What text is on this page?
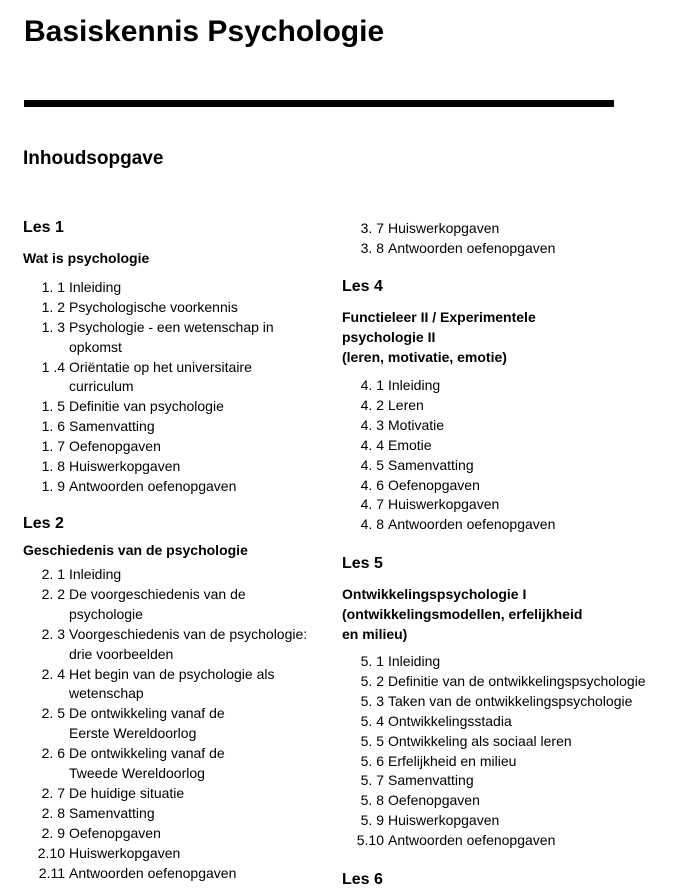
Basiskennis Psychologie
Inhoudsopgave
Les 1
Wat is psychologie
1. 1 Inleiding
1. 2 Psychologische voorkennis
1. 3 Psychologie - een wetenschap in
opkomst
1 .4 Oriëntatie op het universitaire
curriculum
1. 5 Definitie van psychologie
1. 6 Samenvatting
1. 7 Oefenopgaven
1. 8 Huiswerkopgaven
1. 9 Antwoorden oefenopgaven
Les 2
Geschiedenis van de psychologie
2. 1 Inleiding
2. 2 De voorgeschiedenis van de
psychologie
2. 3 Voorgeschiedenis van de psychologie:
drie voorbeelden
2. 4 Het begin van de psychologie als
wetenschap
2. 5 De ontwikkeling vanaf de
Eerste Wereldoorlog
2. 6 De ontwikkeling vanaf de
Tweede Wereldoorlog
2. 7 De huidige situatie
2. 8 Samenvatting
2. 9 Oefenopgaven
2.10 Huiswerkopgaven
2.11 Antwoorden oefenopgaven
3. 7 Huiswerkopgaven
3. 8 Antwoorden oefenopgaven
Les 4
Functieleer II / Experimentele
psychologie II
(leren, motivatie, emotie)
4. 1 Inleiding
4. 2 Leren
4. 3 Motivatie
4. 4 Emotie
4. 5 Samenvatting
4. 6 Oefenopgaven
4. 7 Huiswerkopgaven
4. 8 Antwoorden oefenopgaven
Les 5
Ontwikkelingspsychologie I
(ontwikkelingsmodellen, erfelijkheid
en milieu)
5. 1 Inleiding
5. 2 Definitie van de ontwikkelingspsychologie
5. 3 Taken van de ontwikkelingspsychologie
5. 4 Ontwikkelingsstadia
5. 5 Ontwikkeling als sociaal leren
5. 6 Erfelijkheid en milieu
5. 7 Samenvatting
5. 8 Oefenopgaven
5. 9 Huiswerkopgaven
5.10 Antwoorden oefenopgaven
Les 6
